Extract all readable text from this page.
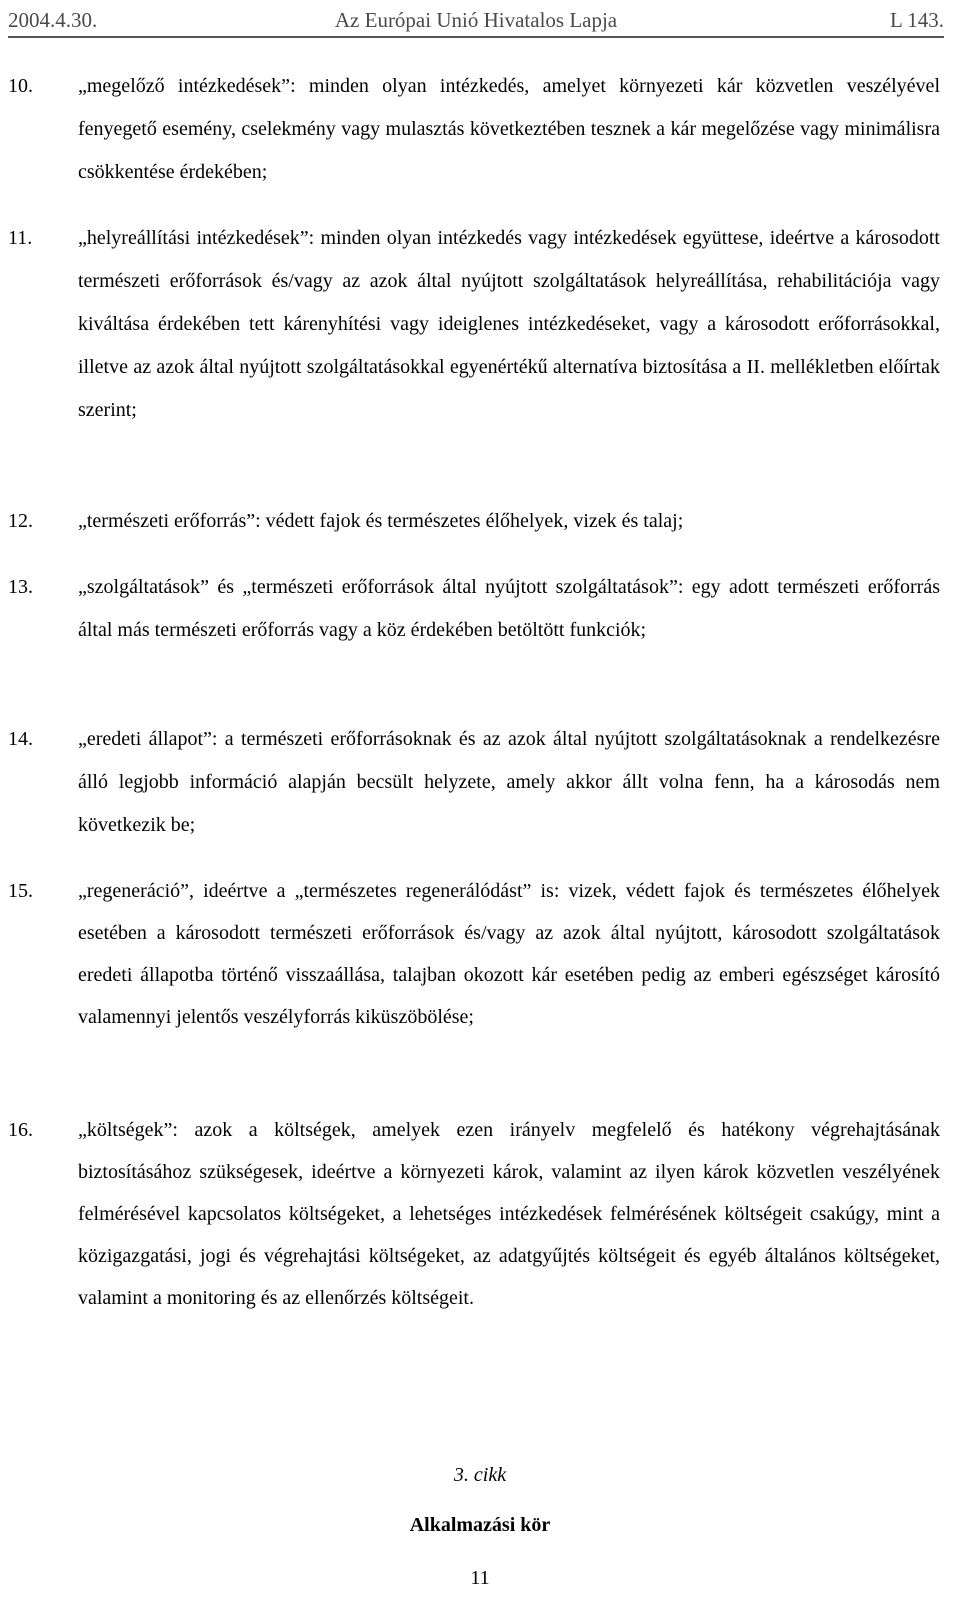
2004.4.30.	Az Európai Unió Hivatalos Lapja	L 143.
10. „megelőző intézkedések”: minden olyan intézkedés, amelyet környezeti kár közvetlen veszélyével fenyegető esemény, cselekmény vagy mulasztás következtében tesznek a kár megelőzése vagy minimálisra csökkentése érdekében;
11. „helyreállítási intézkedések”: minden olyan intézkedés vagy intézkedések együttese, ideértve a károsodott természeti erőforrások és/vagy az azok által nyújtott szolgáltatások helyreállítása, rehabilitációja vagy kiváltása érdekében tett kárenyhítési vagy ideiglenes intézkedéseket, vagy a károsodott erőforrásokkal, illetve az azok által nyújtott szolgáltatásokkal egyenértékű alternatíva biztosítása a II. mellékletben előírtak szerint;
12. „természeti erőforrás”: védett fajok és természetes élőhelyek, vizek és talaj;
13. „szolgáltatások” és „természeti erőforrások által nyújtott szolgáltatások”: egy adott természeti erőforrás által más természeti erőforrás vagy a köz érdekében betöltött funkciók;
14. „eredeti állapot”: a természeti erőforrásoknak és az azok által nyújtott szolgáltatásoknak a rendelkezésre álló legjobb információ alapján becsült helyzete, amely akkor állt volna fenn, ha a károsodás nem következik be;
15. „regeneráció”, ideértve a „természetes regenerálódást” is: vizek, védett fajok és természetes élőhelyek esetében a károsodott természeti erőforrások és/vagy az azok által nyújtott, károsodott szolgáltatások eredeti állapotba történő visszaállása, talajban okozott kár esetében pedig az emberi egészséget károsító valamennyi jelentős veszélyforrás kiküszöbölése;
16. „költségek”: azok a költségek, amelyek ezen irányelv megfelelő és hatékony végrehajtásának biztosításához szükségesek, ideértve a környezeti károk, valamint az ilyen károk közvetlen veszélyének felmérésével kapcsolatos költségeket, a lehetséges intézkedések felmérésének költségeit csakúgy, mint a közigazgatási, jogi és végrehajtási költségeket, az adatgyűjtés költségeit és egyéb általános költségeket, valamint a monitoring és az ellenőrzés költségeit.
3. cikk
Alkalmazási kör
11
